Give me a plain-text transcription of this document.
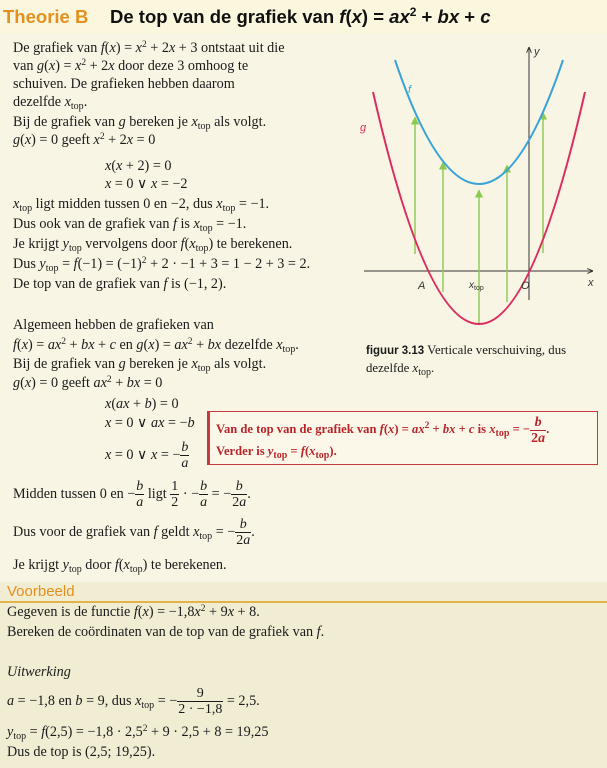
Theorie B De top van de grafiek van $f(x) = ax^2$ + bx + c
De grafiek van $f(x) = x^2 + 2x + 3$ ontstaat uit die
van $g(x) = x^2 + 2x$ door deze 3 omhoog te
schuiven. De grafieken hebben daarom
dezelfde $x_{top}$.
Bij de grafiek van g bereken je $x_{top}$ als volgt.
g(x) = 0 geeft $x^2 + 2x = 0$
x(x + 2) = 0
x = 0 ∨ x = −2
$x_{top}$ ligt midden tussen 0 en −2, dus $x_{top} = -1$.
Dus ook van de grafiek van f is $x_{top} = -1$.
Je krijgt $y_{top}$ vervolgens door $f(x_{top})$ te berekenen.
Dus $y_{top} = f(-1) = (-1)^2 + 2 \cdot -1 + 3 = 1 - 2 + 3 = 2$.
De top van de grafiek van f is (−1, 2).
y
x
f
g
A	O
$x_{top}$
figuur 3.13 Verticale verschuiving, dus
dezelfde $x_{top}$.
Algemeen hebben de grafieken van
$f(x) = ax^2$ + bx + c en $g(x) = ax^2$ + bx dezelfde $x_{top}$.
Bij de grafiek van g bereken je $x_{top}$ als volgt.
g(x) = 0 geeft $ax^2$ + bx = 0
x(ax + b) = 0
x = 0 ∨ ax = −b
x = 0 ∨ x = − $\frac{b}{a}$
Van de top van de grafiek van $f(x) = ax^2$ + bx + c is $x_{top}$ = − $\frac{b}{2a}$ .
Verder is $y_{top} = f(x_{top})$.
Midden tussen 0 en − $\frac{b}{a}$ ligt $\frac{1}{2}$ · − $\frac{b}{a}$ = − $\frac{b}{2a}$ .
Dus voor de grafiek van f geldt $x_{top}$ = − $\frac{b}{2a}$ .
Je krijgt $y_{top}$ door $f(x_{top})$ te berekenen.
Voorbeeld
Gegeven is de functie $f(x) = -1,8x^2 + 9x + 8$.
Bereken de coördinaten van de top van de grafiek van f.
Uitwerking
a = −1,8 en b = 9, dus $x_{top}$ = − $\frac{9}{2 \cdot -1,8} = 2,5$.
$y_{top} = f(2,5) = -1,8 \cdot 2,5^2 + 9 \cdot 2,5 + 8 = 19,25$
Dus de top is (2,5; 19,25).
